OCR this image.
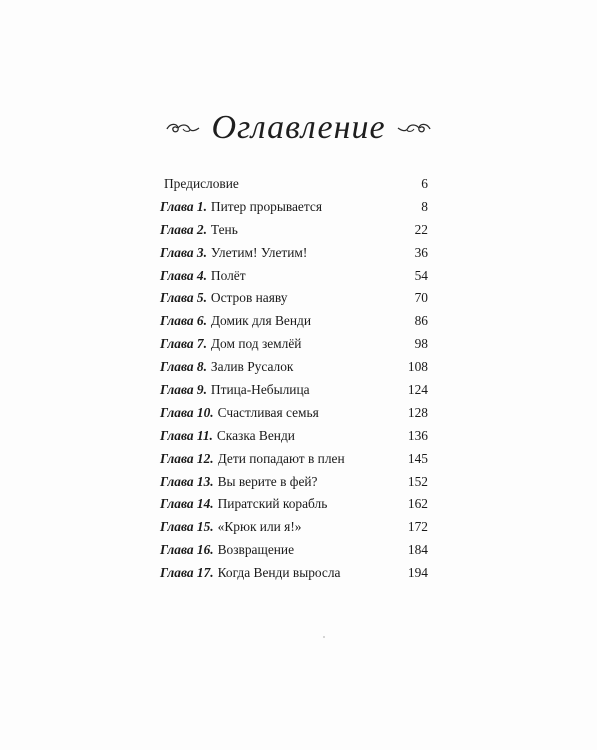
Оглавление
Предисловие	6
Глава 1. Питер прорывается	8
Глава 2. Тень	22
Глава 3. Улетим! Улетим!	36
Глава 4. Полёт	54
Глава 5. Остров наяву	70
Глава 6. Домик для Венди	86
Глава 7. Дом под землёй	98
Глава 8. Залив Русалок	108
Глава 9. Птица-Небылица	124
Глава 10. Счастливая семья	128
Глава 11. Сказка Венди	136
Глава 12. Дети попадают в плен	145
Глава 13. Вы верите в фей?	152
Глава 14. Пиратский корабль	162
Глава 15. «Крюк или я!»	172
Глава 16. Возвращение	184
Глава 17. Когда Венди выросла	194
